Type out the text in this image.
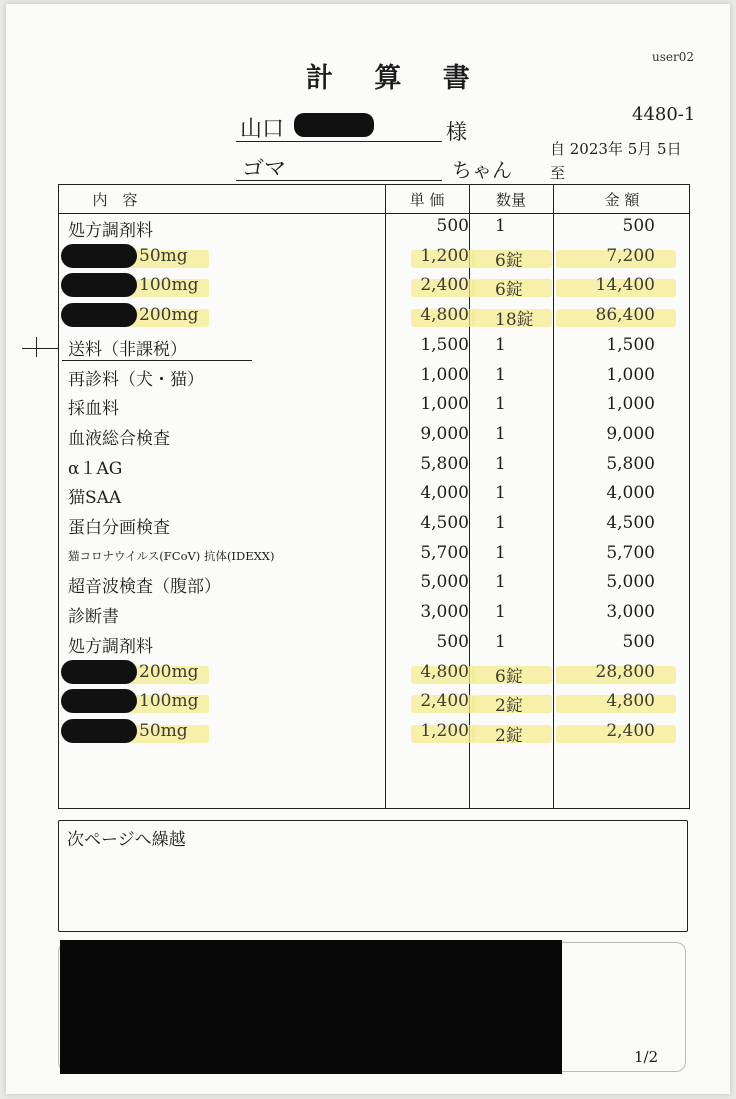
user02
計 算 書
4480-1
山口	様
ゴマ	ちゃん
自 2023年 5月 5日
至
内　容	単 価	数量	金 額
処方調剤料	500 1	500
50mg	1,200 6錠	7,200
100mg	2,400 6錠	14,400
200mg	4,800 18錠	86,400
送料（非課税）	1,500 1	1,500
再診料（犬・猫）	1,000 1	1,000
採血料	1,000 1	1,000
血液総合検査	9,000 1	9,000
α１AG	5,800 1	5,800
猫SAA	4,000 1	4,000
蛋白分画検査	4,500 1	4,500
猫コロナウイルス(FCoV) 抗体(IDEXX)	5,700 1	5,700
超音波検査（腹部）	5,000 1	5,000
診断書	3,000 1	3,000
処方調剤料	500 1	500
200mg	4,800 6錠	28,800
100mg	2,400 2錠	4,800
50mg	1,200 2錠	2,400
次ページへ繰越
1/2
